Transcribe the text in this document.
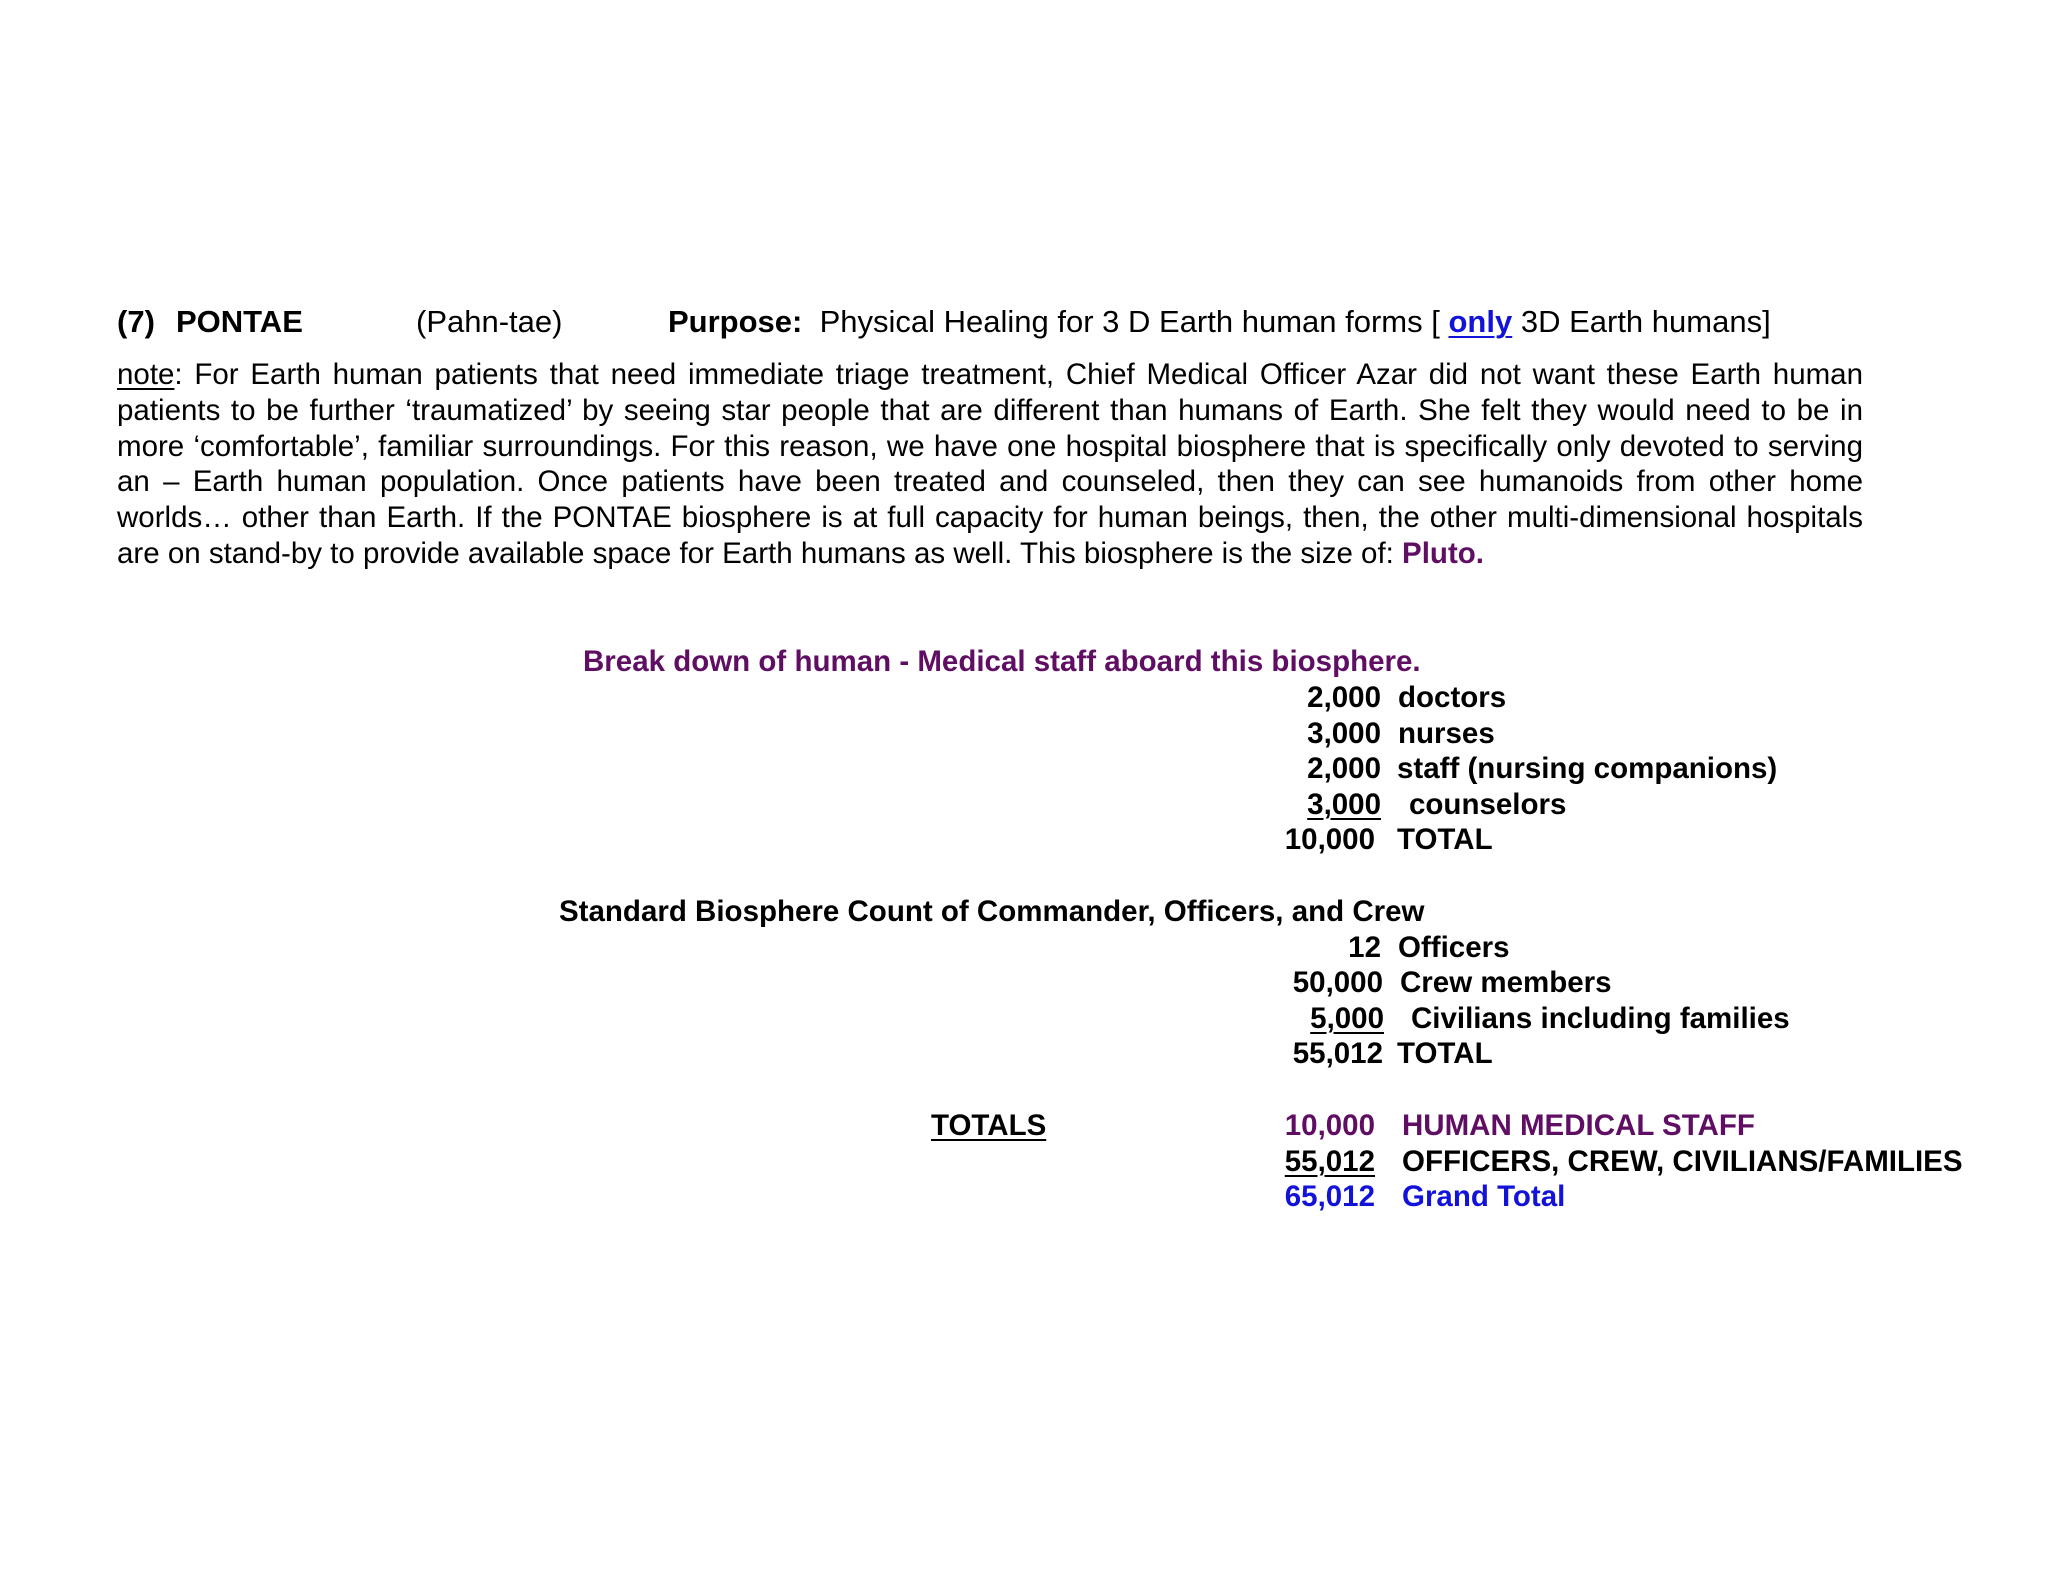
(7) PONTAE	(Pahn-tae)	Purpose: Physical Healing for 3 D Earth human forms [ only 3D Earth humans]
note: For Earth human patients that need immediate triage treatment, Chief Medical Officer Azar did not want these Earth human patients to be further ‘traumatized’ by seeing star people that are different than humans of Earth. She felt they would need to be in more ‘comfortable’, familiar surroundings. For this reason, we have one hospital biosphere that is specifically only devoted to serving an – Earth human population. Once patients have been treated and counseled, then they can see humanoids from other home worlds… other than Earth. If the PONTAE biosphere is at full capacity for human beings, then, the other multi-dimensional hospitals are on stand-by to provide available space for Earth humans as well. This biosphere is the size of: Pluto.
Break down of human - Medical staff aboard this biosphere.
2,000 doctors
3,000 nurses
2,000 staff (nursing companions)
3,000 counselors
10,000 TOTAL
Standard Biosphere Count of Commander, Officers, and Crew
12 Officers
50,000 Crew members
5,000 Civilians including families
55,012 TOTAL
TOTALS	10,000 HUMAN MEDICAL STAFF
55,012 OFFICERS, CREW, CIVILIANS/FAMILIES
65,012 Grand Total
